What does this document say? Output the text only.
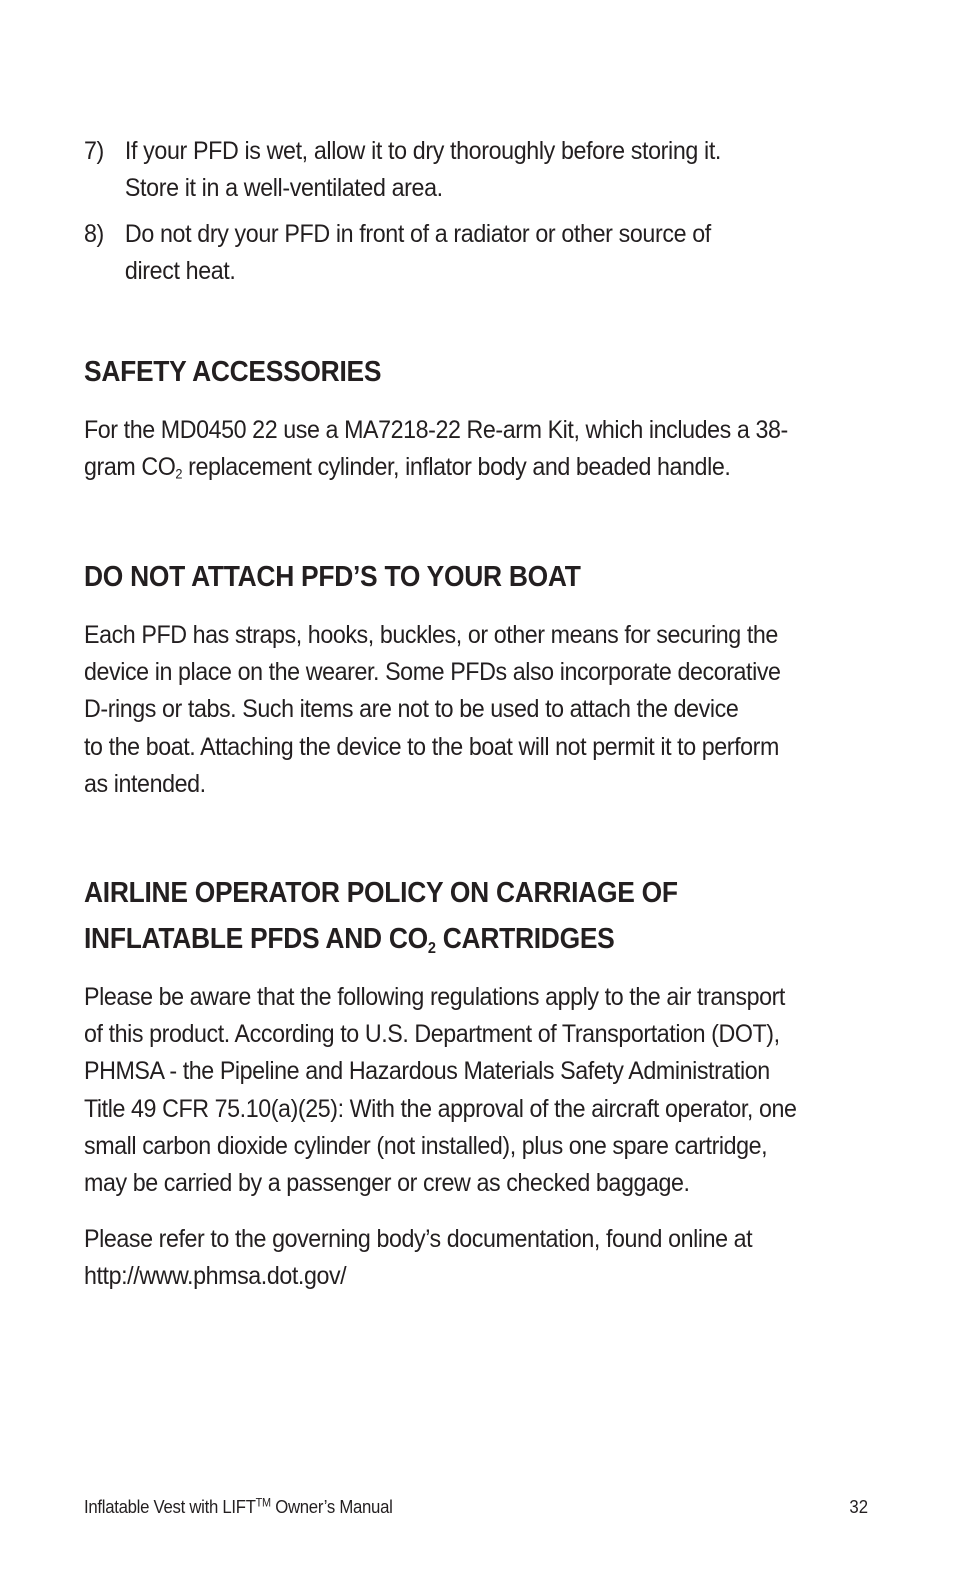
7) If your PFD is wet, allow it to dry thoroughly before storing it.
Store it in a well-ventilated area.
8) Do not dry your PFD in front of a radiator or other source of
direct heat.
SAFETY ACCESSORIES

For the MD0450 22 use a MA7218-22 Re-arm Kit, which includes a 38-
gram $CO_2$ replacement cylinder, inflator body and beaded handle.

DO NOT ATTACH PFD’S TO YOUR BOAT

Each PFD has straps, hooks, buckles, or other means for securing the
device in place on the wearer. Some PFDs also incorporate decorative
D-rings or tabs. Such items are not to be used to attach the device
to the boat. Attaching the device to the boat will not permit it to perform
as intended.

AIRLINE OPERATOR POLICY ON CARRIAGE OF
INFLATABLE PFDS AND CO2 CARTRIDGES

Please be aware that the following regulations apply to the air transport
of this product. According to U.S. Department of Transportation (DOT),
PHMSA - the Pipeline and Hazardous Materials Safety Administration
Title 49 CFR 75.10(a)(25): With the approval of the aircraft operator, one
small carbon dioxide cylinder (not installed), plus one spare cartridge,
may be carried by a passenger or crew as checked baggage.

Please refer to the governing body’s documentation, found online at
http://www.phmsa.dot.gov/

Inflatable Vest with LIFT™ Owner’s Manual	32
